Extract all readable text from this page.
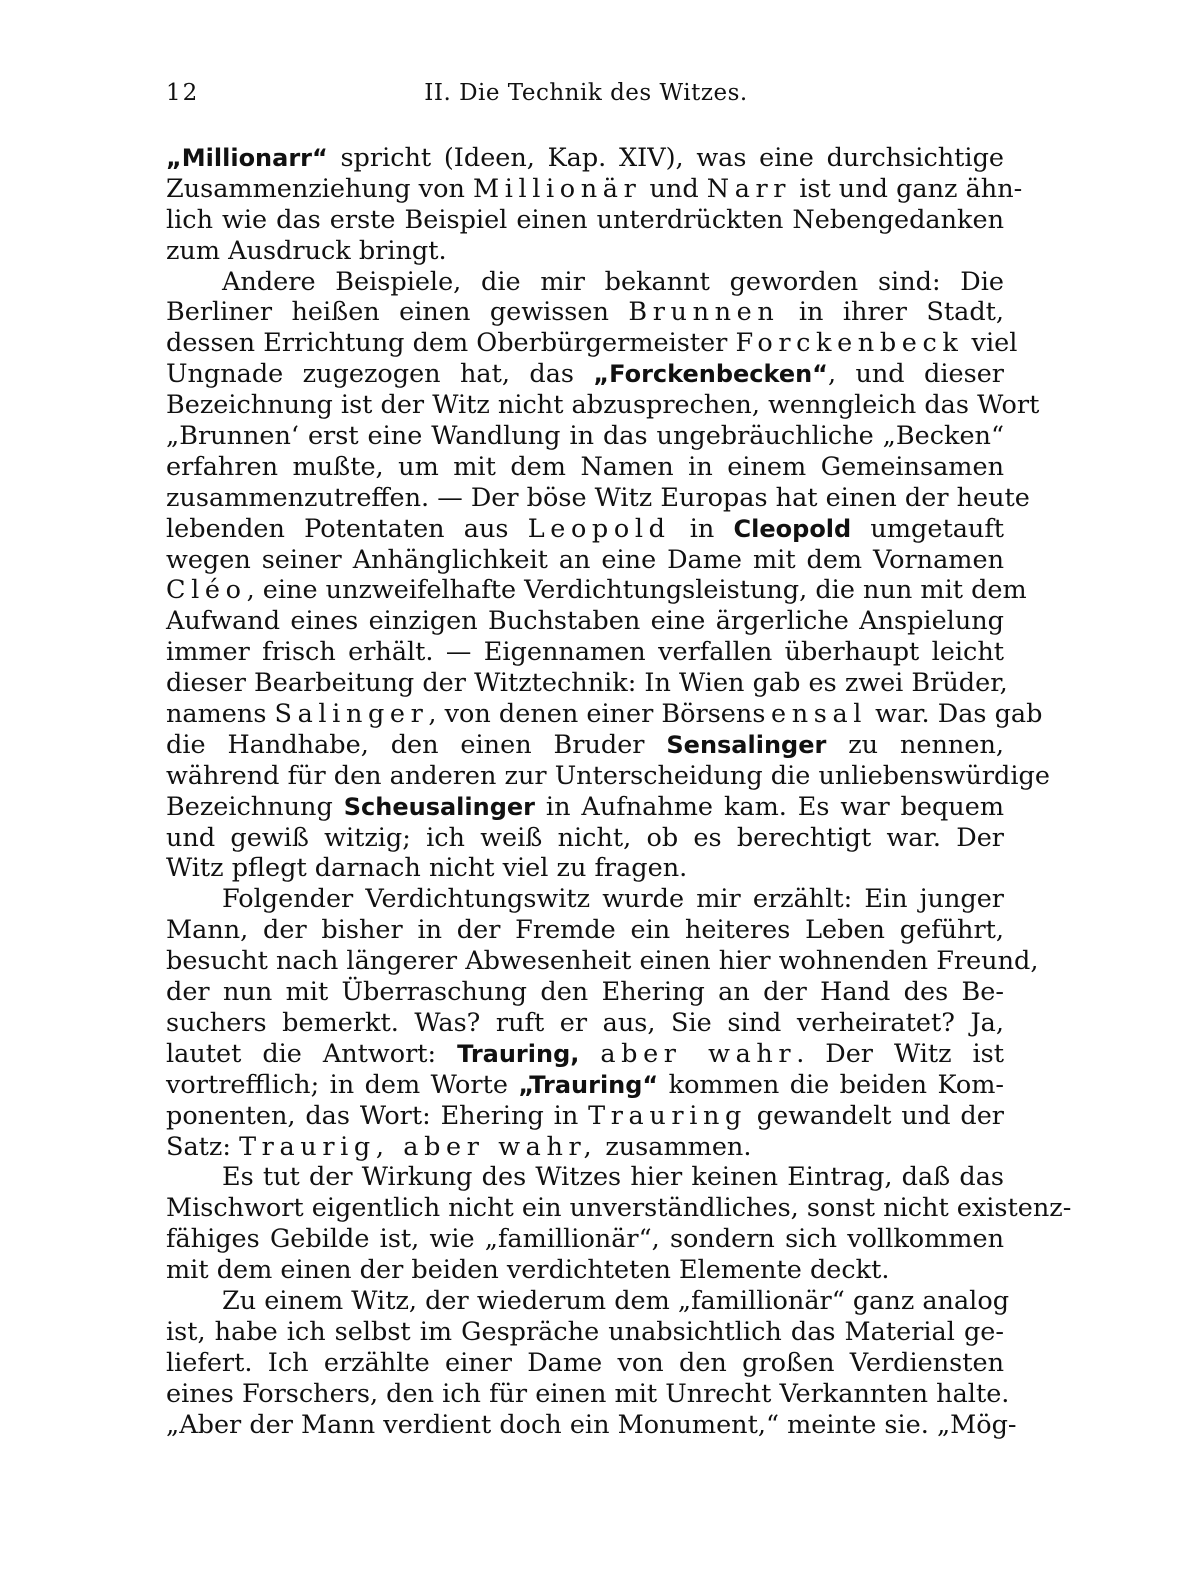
12	II. Die Technik des Witzes.
„Millionarr“ spricht (Ideen, Kap. XIV), was eine durchsichtige
Zusammenziehung von Millionär und Narr ist und ganz ähn-
lich wie das erste Beispiel einen unterdrückten Nebengedanken
zum Ausdruck bringt.
Andere Beispiele, die mir bekannt geworden sind: Die
Berliner heißen einen gewissen Brunnen in ihrer Stadt,
dessen Errichtung dem Oberbürgermeister Forckenbeck viel
Ungnade zugezogen hat, das „Forckenbecken“, und dieser
Bezeichnung ist der Witz nicht abzusprechen, wenngleich das Wort
„Brunnen‘ erst eine Wandlung in das ungebräuchliche „Becken“
erfahren mußte, um mit dem Namen in einem Gemeinsamen
zusammenzutreffen. — Der böse Witz Europas hat einen der heute
lebenden Potentaten aus Leopold in Cleopold umgetauft
wegen seiner Anhänglichkeit an eine Dame mit dem Vornamen
Cléo, eine unzweifelhafte Verdichtungsleistung, die nun mit dem
Aufwand eines einzigen Buchstaben eine ärgerliche Anspielung
immer frisch erhält. — Eigennamen verfallen überhaupt leicht
dieser Bearbeitung der Witztechnik: In Wien gab es zwei Brüder,
namens Salinger, von denen einer Börsensensal war. Das gab
die Handhabe, den einen Bruder Sensalinger zu nennen,
während für den anderen zur Unterscheidung die unliebenswürdige
Bezeichnung Scheusalinger in Aufnahme kam. Es war bequem
und gewiß witzig; ich weiß nicht, ob es berechtigt war. Der
Witz pflegt darnach nicht viel zu fragen.
Folgender Verdichtungswitz wurde mir erzählt: Ein junger
Mann, der bisher in der Fremde ein heiteres Leben geführt,
besucht nach längerer Abwesenheit einen hier wohnenden Freund,
der nun mit Überraschung den Ehering an der Hand des Be-
suchers bemerkt. Was? ruft er aus, Sie sind verheiratet? Ja,
lautet die Antwort: Trauring, aber wahr. Der Witz ist
vortrefflich; in dem Worte „Trauring“ kommen die beiden Kom-
ponenten, das Wort: Ehering in Trauring gewandelt und der
Satz: Traurig, aber wahr, zusammen.
Es tut der Wirkung des Witzes hier keinen Eintrag, daß das
Mischwort eigentlich nicht ein unverständliches, sonst nicht existenz-
fähiges Gebilde ist, wie „famillionär“, sondern sich vollkommen
mit dem einen der beiden verdichteten Elemente deckt.
Zu einem Witz, der wiederum dem „famillionär“ ganz analog
ist, habe ich selbst im Gespräche unabsichtlich das Material ge-
liefert. Ich erzählte einer Dame von den großen Verdiensten
eines Forschers, den ich für einen mit Unrecht Verkannten halte.
„Aber der Mann verdient doch ein Monument,“ meinte sie. „Mög-
